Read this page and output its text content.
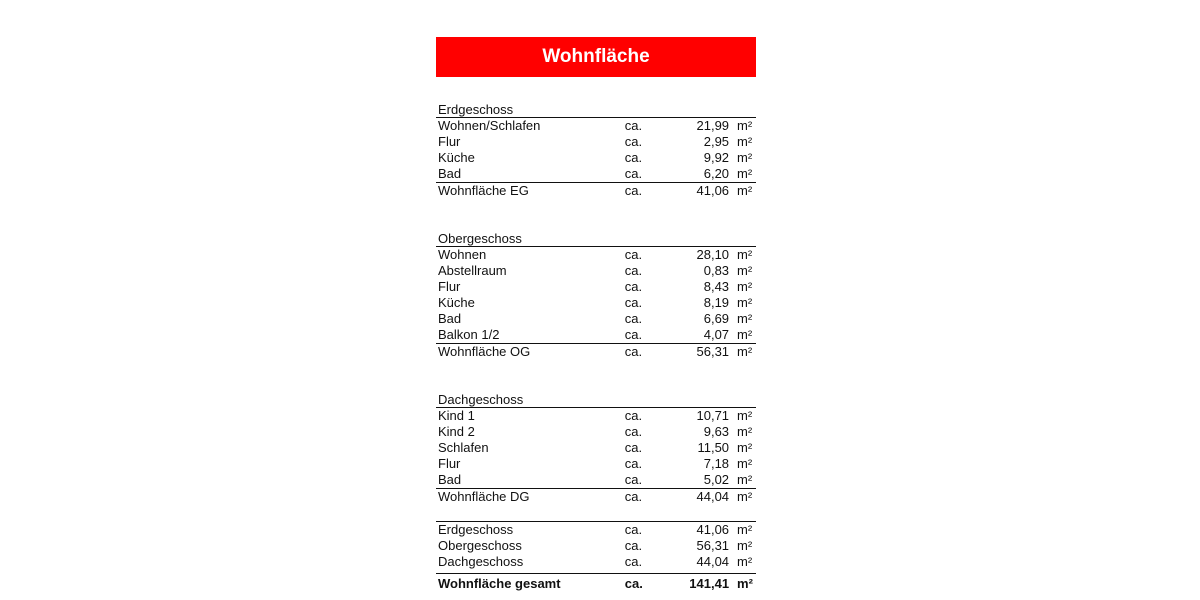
Wohnfläche
Erdgeschoss
Wohnen/Schlafen	ca.	21,99 m²
Flur	ca.	2,95 m²
Küche	ca.	9,92 m²
Bad	ca.	6,20 m²
Wohnfläche EG	ca.	41,06 m²
Obergeschoss
Wohnen	ca.	28,10 m²
Abstellraum	ca.	0,83 m²
Flur	ca.	8,43 m²
Küche	ca.	8,19 m²
Bad	ca.	6,69 m²
Balkon 1/2	ca.	4,07 m²
Wohnfläche OG	ca.	56,31 m²
Dachgeschoss
Kind 1	ca.	10,71 m²
Kind 2	ca.	9,63 m²
Schlafen	ca.	11,50 m²
Flur	ca.	7,18 m²
Bad	ca.	5,02 m²
Wohnfläche DG	ca.	44,04 m²
Erdgeschoss	ca.	41,06 m²
Obergeschoss	ca.	56,31 m²
Dachgeschoss	ca.	44,04 m²
Wohnfläche gesamt	ca.	141,41 m²
